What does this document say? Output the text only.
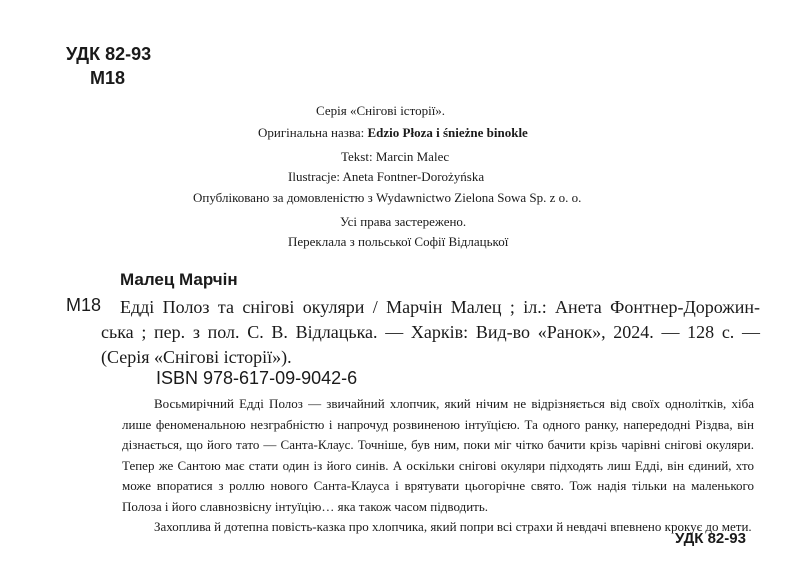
УДК 82-93
М18
Серія «Снігові історії».
Оригінальна назва: Edzio Płoza i śnieżne binokle
Tekst: Marcin Malec
Ilustracje: Aneta Fontner-Dorożyńska
Опубліковано за домовленістю з Wydawnictwo Zielona Sowa Sp. z o. o.
Усі права застережено.
Переклала з польської Софії Відлацької
Малец Марчін
М18 Едді Полоз та снігові окуляри / Марчін Малец ; іл.: Анета Фонтнер-Дорожин-
ська ; пер. з пол. С. В. Відлацька. — Харків: Вид-во «Ранок», 2024. — 128 с. —
(Серія «Снігові історії»).
ISBN 978-617-09-9042-6

Восьмирічний Едді Полоз — звичайний хлопчик, який нічим не відрізняється від своїх однолітків, хіба лише феноменальною незграбністю і напрочуд розвиненою інтуїцією. Та одного ранку, напередодні Різдва, він дізнається, що його тато — Санта-Клаус. Точніше, був ним, поки міг чітко бачити крізь чарівні снігові окуляри. Тепер же Сантою має стати один із його синів. А оскільки снігові окуляри підходять лиш Едді, він єдиний, хто може впоратися з роллю нового Санта-Клауса і врятувати цьогорічне свято. Тож надія тільки на маленького Полоза і його славнозвісну інтуїцію… яка також часом підводить.

Захоплива й дотепна повість-казка про хлопчика, який попри всі страхи й невдачі впевнено крокує до мети.

УДК 82-93
